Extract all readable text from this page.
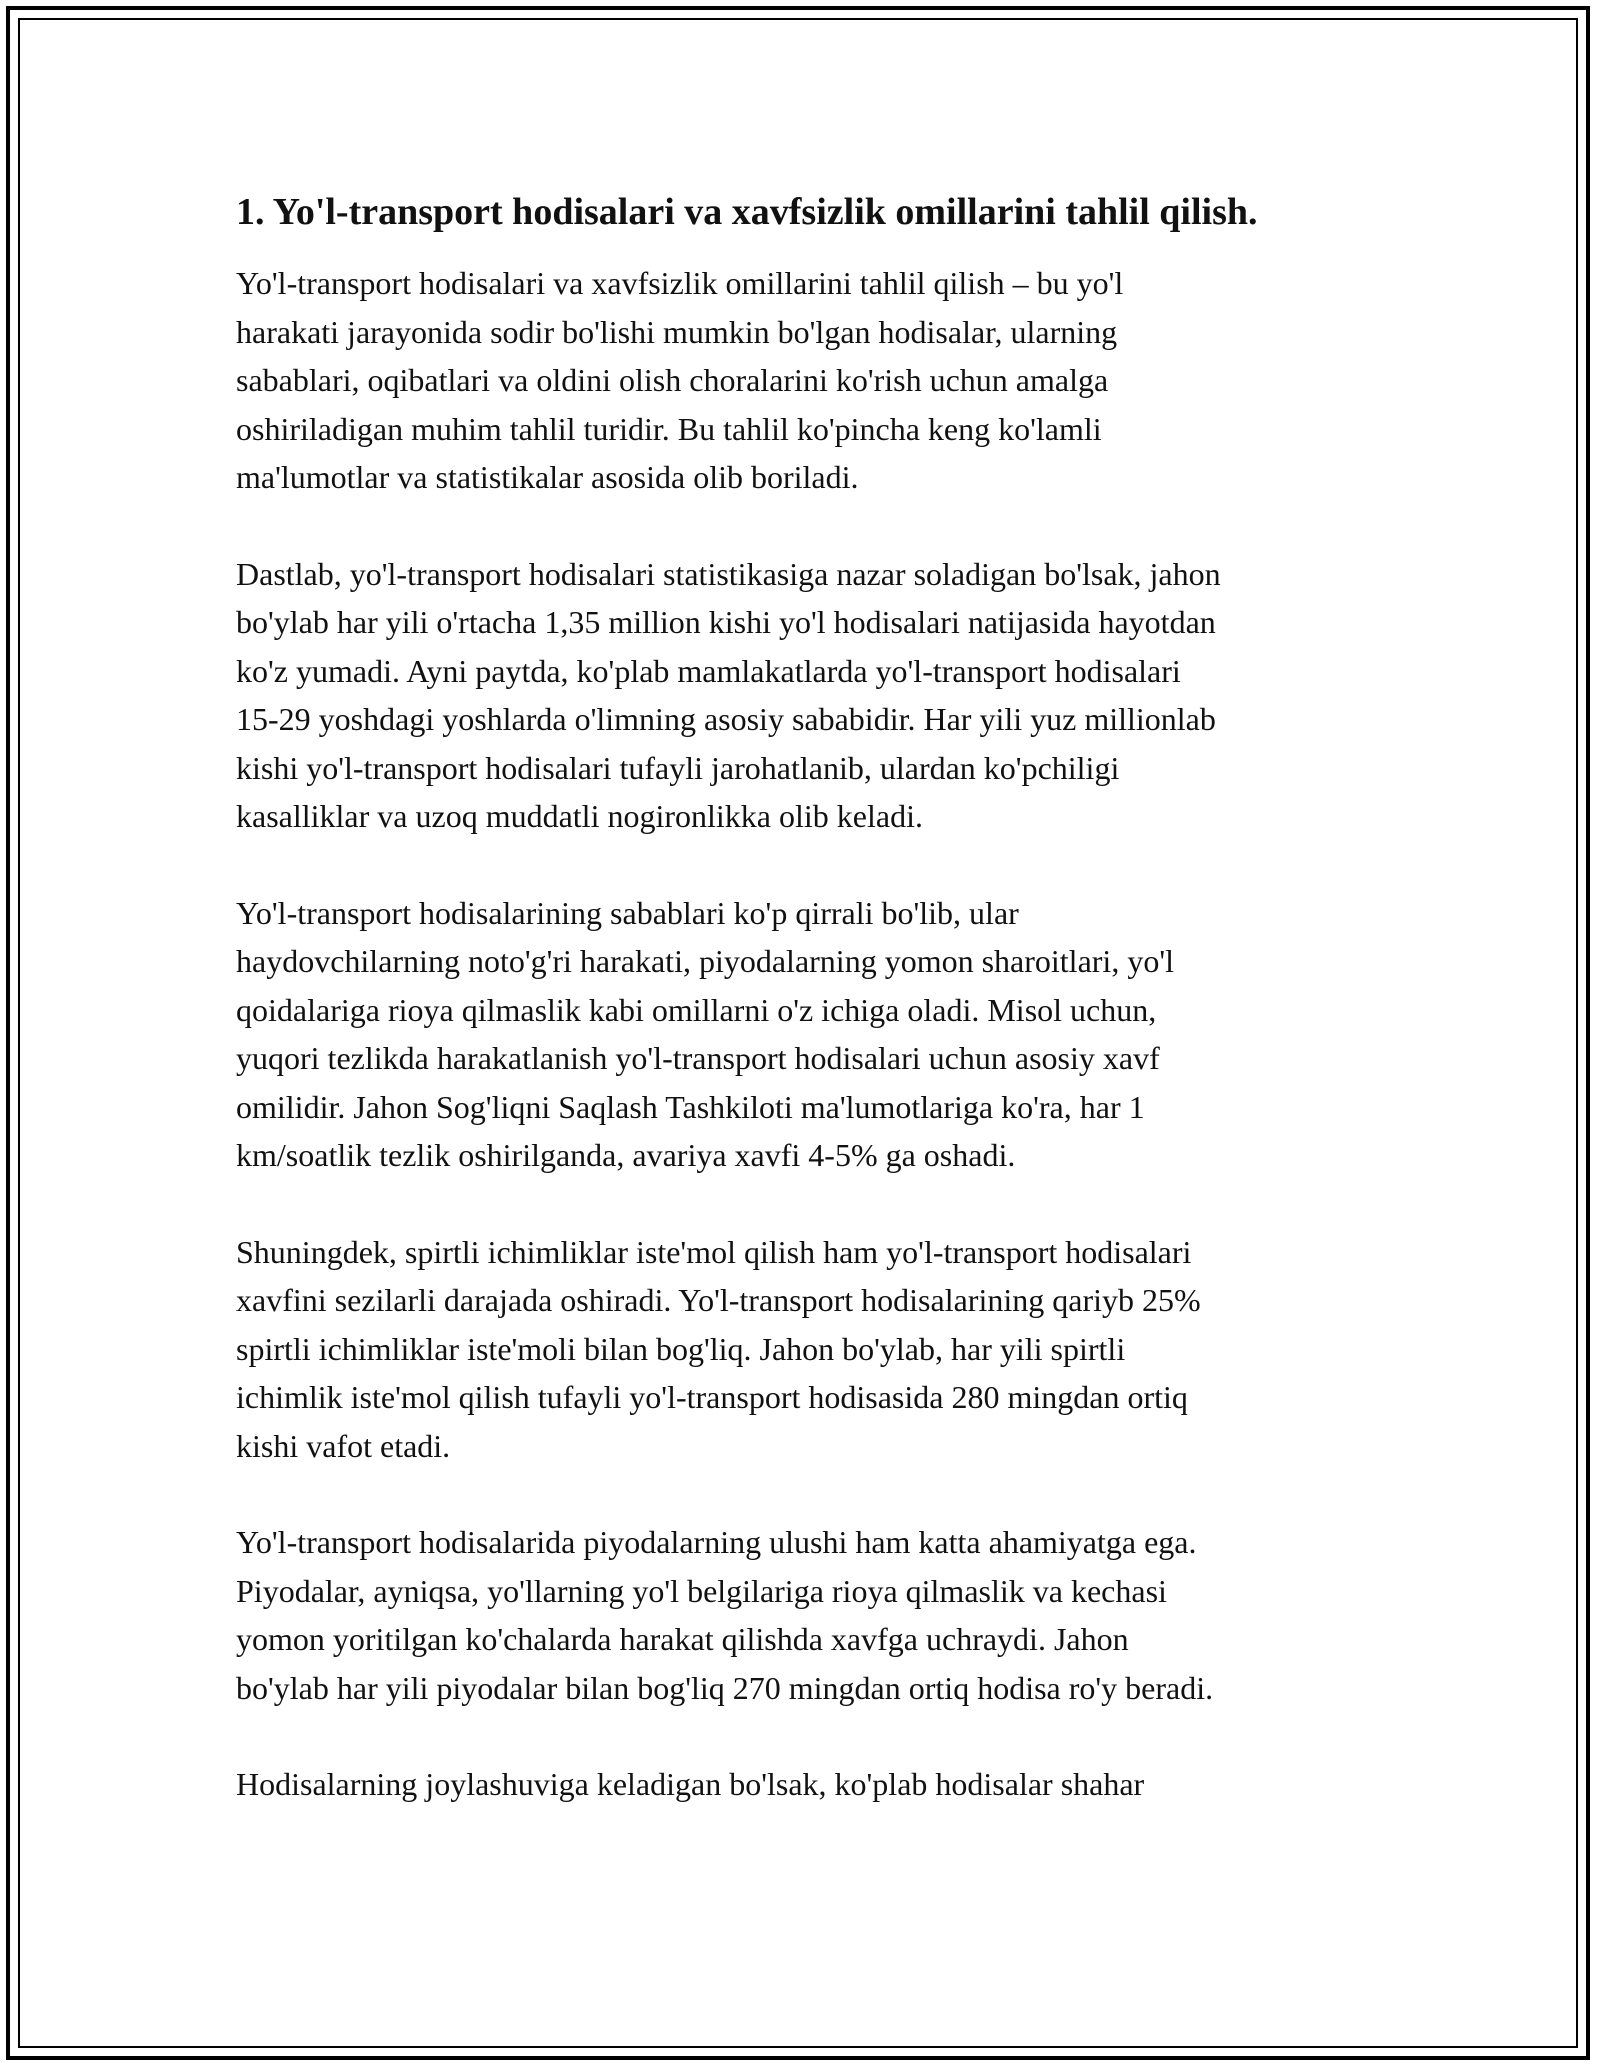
1. Yo'l-transport hodisalari va xavfsizlik omillarini tahlil qilish.

Yo'l-transport hodisalari va xavfsizlik omillarini tahlil qilish – bu yo'l
harakati jarayonida sodir bo'lishi mumkin bo'lgan hodisalar, ularning
sabablari, oqibatlari va oldini olish choralarini ko'rish uchun amalga
oshiriladigan muhim tahlil turidir. Bu tahlil ko'pincha keng ko'lamli
ma'lumotlar va statistikalar asosida olib boriladi.

Dastlab, yo'l-transport hodisalari statistikasiga nazar soladigan bo'lsak, jahon
bo'ylab har yili o'rtacha 1,35 million kishi yo'l hodisalari natijasida hayotdan
ko'z yumadi. Ayni paytda, ko'plab mamlakatlarda yo'l-transport hodisalari
15-29 yoshdagi yoshlarda o'limning asosiy sababidir. Har yili yuz millionlab
kishi yo'l-transport hodisalari tufayli jarohatlanib, ulardan ko'pchiligi
kasalliklar va uzoq muddatli nogironlikka olib keladi.

Yo'l-transport hodisalarining sabablari ko'p qirrali bo'lib, ular
haydovchilarning noto'g'ri harakati, piyodalarning yomon sharoitlari, yo'l
qoidalariga rioya qilmaslik kabi omillarni o'z ichiga oladi. Misol uchun,
yuqori tezlikda harakatlanish yo'l-transport hodisalari uchun asosiy xavf
omilidir. Jahon Sog'liqni Saqlash Tashkiloti ma'lumotlariga ko'ra, har 1
km/soatlik tezlik oshirilganda, avariya xavfi 4-5% ga oshadi.

Shuningdek, spirtli ichimliklar iste'mol qilish ham yo'l-transport hodisalari
xavfini sezilarli darajada oshiradi. Yo'l-transport hodisalarining qariyb 25%
spirtli ichimliklar iste'moli bilan bog'liq. Jahon bo'ylab, har yili spirtli
ichimlik iste'mol qilish tufayli yo'l-transport hodisasida 280 mingdan ortiq
kishi vafot etadi.

Yo'l-transport hodisalarida piyodalarning ulushi ham katta ahamiyatga ega.
Piyodalar, ayniqsa, yo'llarning yo'l belgilariga rioya qilmaslik va kechasi
yomon yoritilgan ko'chalarda harakat qilishda xavfga uchraydi. Jahon
bo'ylab har yili piyodalar bilan bog'liq 270 mingdan ortiq hodisa ro'y beradi.

Hodisalarning joylashuviga keladigan bo'lsak, ko'plab hodisalar shahar
